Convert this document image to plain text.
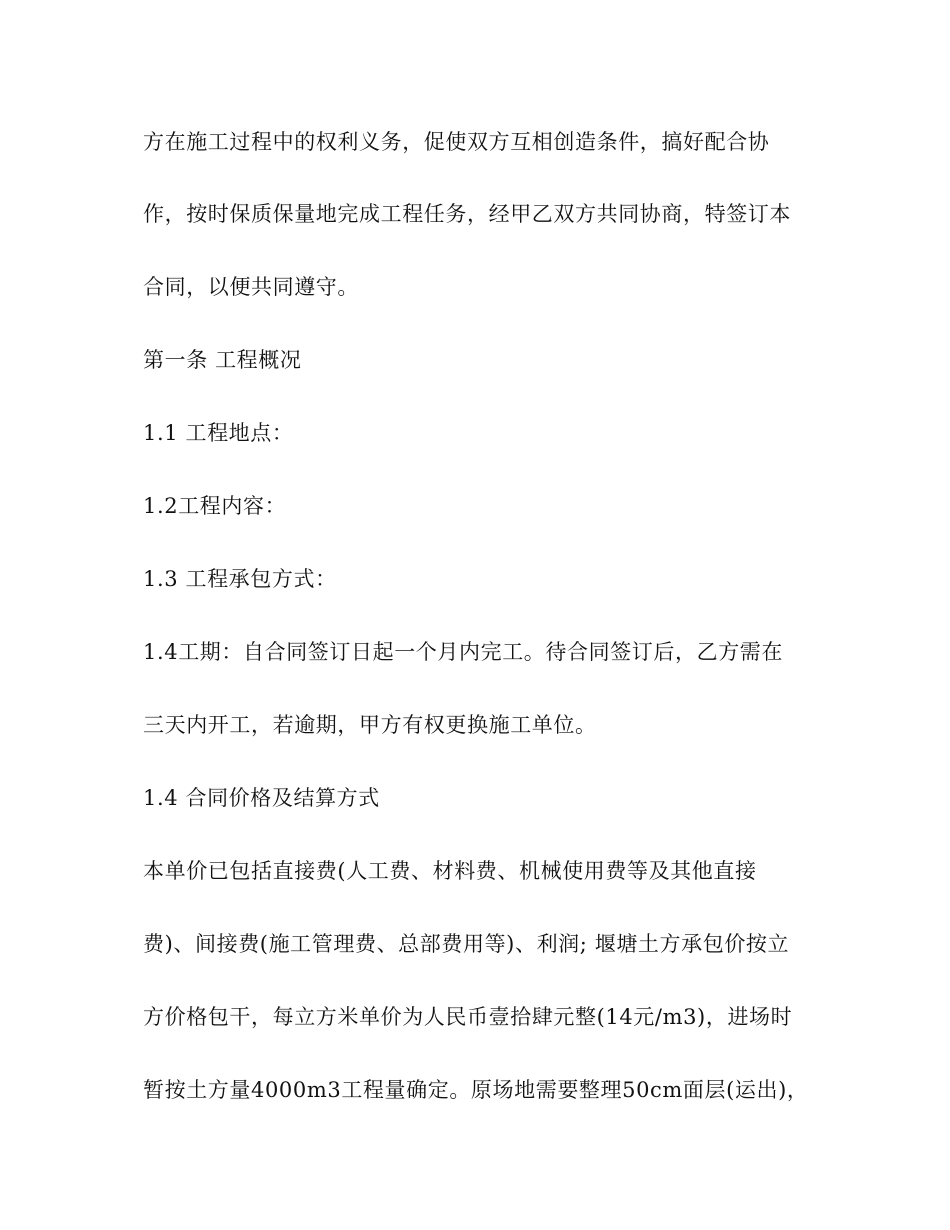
方在施工过程中的权利义务，促使双方互相创造条件，搞好配合协
作，按时保质保量地完成工程任务，经甲乙双方共同协商，特签订本
合同，以便共同遵守。
第一条 工程概况
1.1 工程地点：
1.2工程内容：
1.3 工程承包方式：
1.4工期：自合同签订日起一个月内完工。待合同签订后，乙方需在
三天内开工，若逾期，甲方有权更换施工单位。
1.4 合同价格及结算方式
本单价已包括直接费(人工费、材料费、机械使用费等及其他直接
费)、间接费(施工管理费、总部费用等)、利润; 堰塘土方承包价按立
方价格包干，每立方米单价为人民币壹拾肆元整(14元/m3)，进场时
暂按土方量4000m3工程量确定。原场地需要整理50cm面层(运出)，
